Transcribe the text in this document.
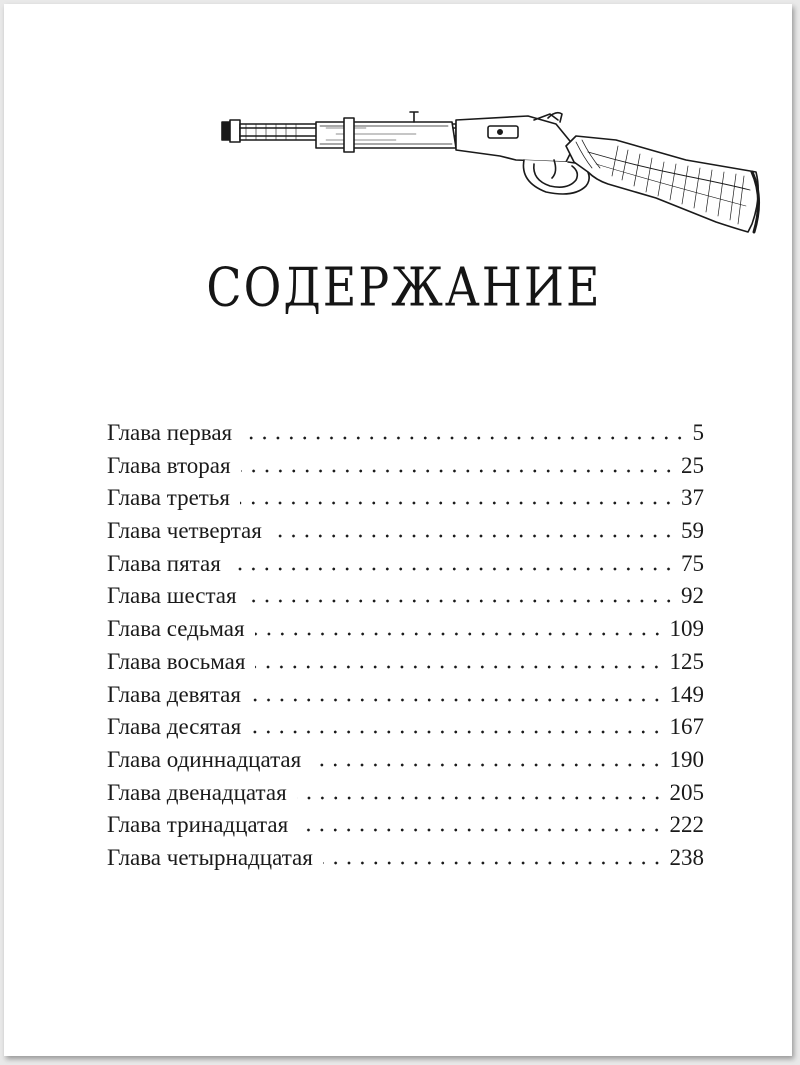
СОДЕРЖАНИЕ
Глава первая	5
Глава вторая	25
Глава третья	37
Глава четвертая	59
Глава пятая	75
Глава шестая	92
Глава седьмая	109
Глава восьмая	125
Глава девятая	149
Глава десятая	167
Глава одиннадцатая	190
Глава двенадцатая	205
Глава тринадцатая	222
Глава четырнадцатая	238
